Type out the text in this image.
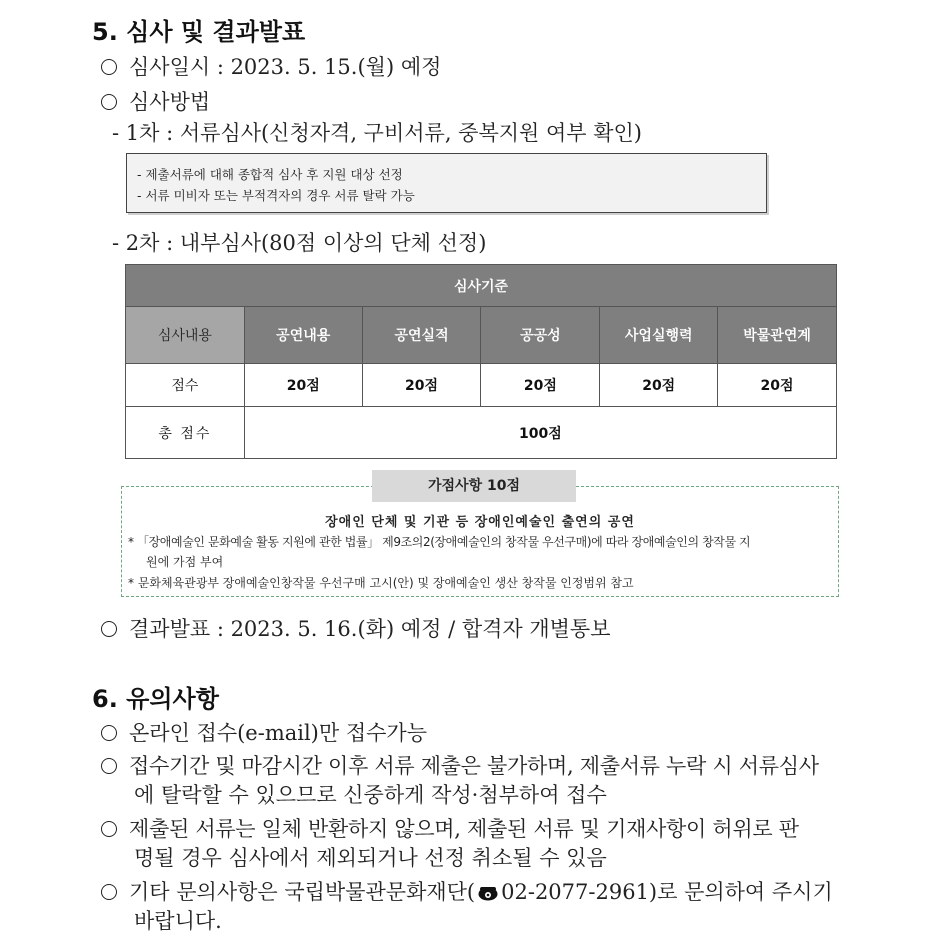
5. 심사 및 결과발표
심사일시 : 2023. 5. 15.(월) 예정
심사방법
- 1차 : 서류심사(신청자격, 구비서류, 중복지원 여부 확인)
- 제출서류에 대해 종합적 심사 후 지원 대상 선정
- 서류 미비자 또는 부적격자의 경우 서류 탈락 가능
- 2차 : 내부심사(80점 이상의 단체 선정)
심사기준					
심사내용	공연내용	공연실적	공공성	사업실행력	박물관연계
점수	20점	20점	20점	20점	20점
총 점수	100점				
가점사항 10점
장애인 단체 및 기관 등 장애인예술인 출연의 공연
* 「장애예술인 문화예술 활동 지원에 관한 법률」 제9조의2(장애예술인의 창작물 우선구매)에 따라 장애예술인의 창작물 지
원에 가점 부여
* 문화체육관광부 장애예술인창작물 우선구매 고시(안) 및 장애예술인 생산 창작물 인정범위 참고
결과발표 : 2023. 5. 16.(화) 예정 / 합격자 개별통보
6. 유의사항
온라인 접수(e-mail)만 접수가능
접수기간 및 마감시간 이후 서류 제출은 불가하며, 제출서류 누락 시 서류심사
에 탈락할 수 있으므로 신중하게 작성·첨부하여 접수
제출된 서류는 일체 반환하지 않으며, 제출된 서류 및 기재사항이 허위로 판
명될 경우 심사에서 제외되거나 선정 취소될 수 있음
기타 문의사항은 국립박물관문화재단( 02-2077-2961)로 문의하여 주시기
바랍니다.
